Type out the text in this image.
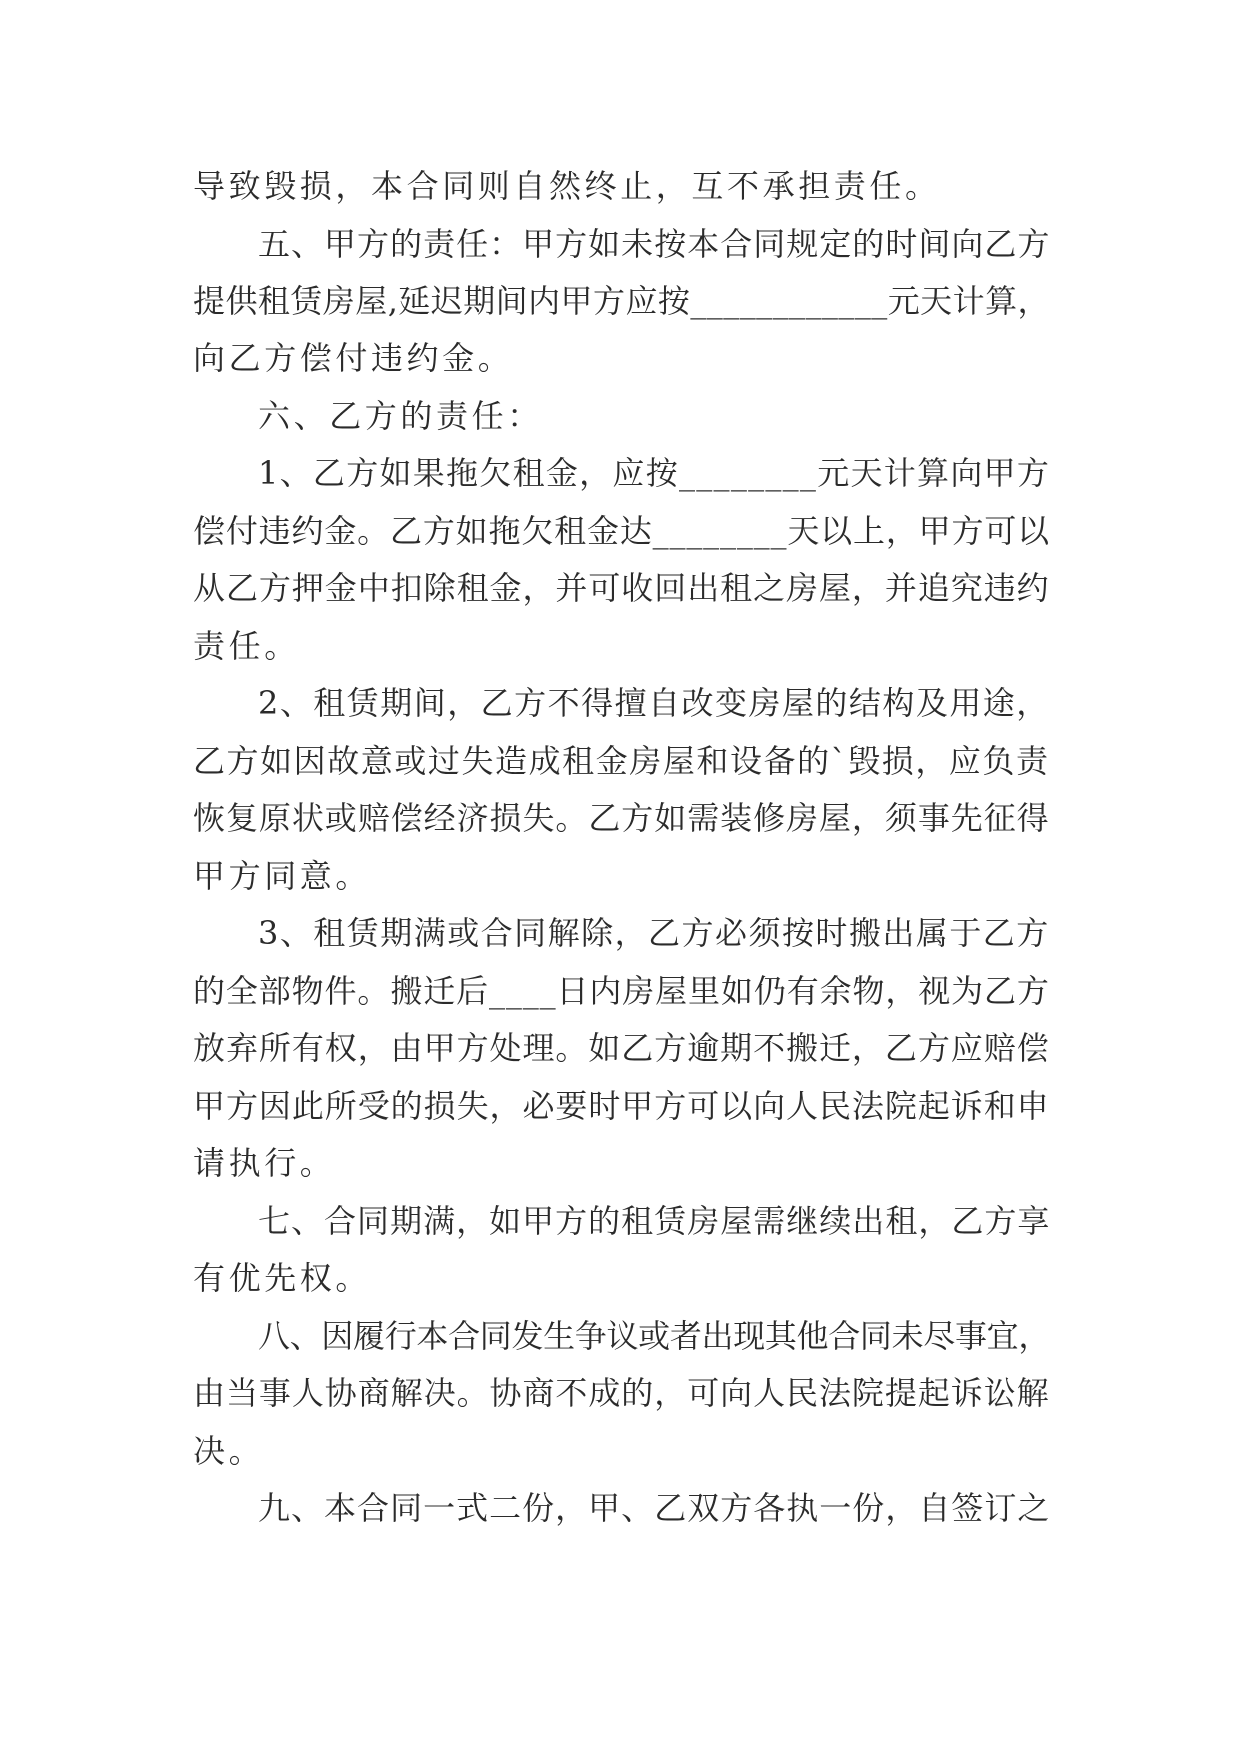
导致毁损，本合同则自然终止，互不承担责任。
五、甲方的责任：甲方如未按本合同规定的时间向乙方
提供租赁房屋,延迟期间内甲方应按____________元天计算，
向乙方偿付违约金。
六、乙方的责任：
1、乙方如果拖欠租金，应按________元天计算向甲方
偿付违约金。乙方如拖欠租金达________天以上，甲方可以
从乙方押金中扣除租金，并可收回出租之房屋，并追究违约
责任。
2、租赁期间，乙方不得擅自改变房屋的结构及用途，
乙方如因故意或过失造成租金房屋和设备的`毁损，应负责
恢复原状或赔偿经济损失。乙方如需装修房屋，须事先征得
甲方同意。
3、租赁期满或合同解除，乙方必须按时搬出属于乙方
的全部物件。搬迁后____日内房屋里如仍有余物，视为乙方
放弃所有权，由甲方处理。如乙方逾期不搬迁，乙方应赔偿
甲方因此所受的损失，必要时甲方可以向人民法院起诉和申
请执行。
七、合同期满，如甲方的租赁房屋需继续出租，乙方享
有优先权。
八、因履行本合同发生争议或者出现其他合同未尽事宜，
由当事人协商解决。协商不成的，可向人民法院提起诉讼解
决。
九、本合同一式二份，甲、乙双方各执一份，自签订之
